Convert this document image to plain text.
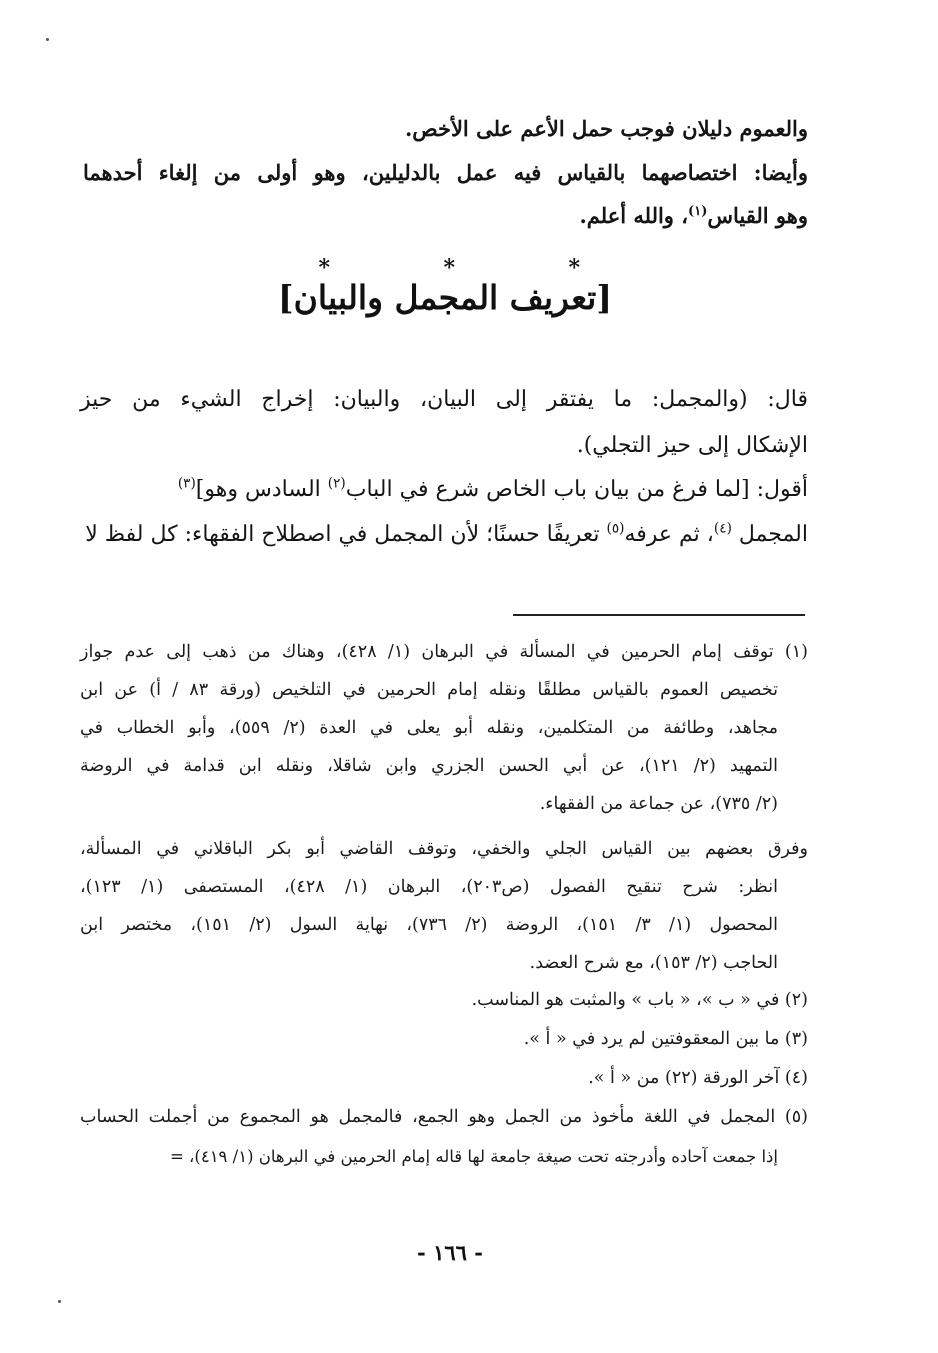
والعموم دليلان فوجب حمل الأعم على الأخص.
وأيضا: اختصاصهما بالقياس فيه عمل بالدليلين، وهو أولى من إلغاء أحدهما
وهو القياس$^{(١)}$، والله أعلم.
*
*
*
[تعريف المجمل والبيان]
قال: (والمجمل: ما يفتقر إلى البيان، والبيان: إخراج الشيء من حيز
الإشكال إلى حيز التجلي).
أقول: [لما فرغ من بيان باب الخاص شرع في الباب$^{(٢)}$ السادس وهو]$^{(٣)}$
المجمل $^{(٤)}$، ثم عرفه$^{(٥)}$ تعريفًا حسنًا؛ لأن المجمل في اصطلاح الفقهاء: كل لفظ لا
(١) توقف إمام الحرمين في المسألة في البرهان (١/ ٤٢٨)، وهناك من ذهب إلى عدم جواز
تخصيص العموم بالقياس مطلقًا ونقله إمام الحرمين في التلخيص (ورقة ٨٣ / أ) عن ابن
مجاهد، وطائفة من المتكلمين، ونقله أبو يعلى في العدة (٢/ ٥٥٩)، وأبو الخطاب في
التمهيد (٢/ ١٢١)، عن أبي الحسن الجزري وابن شاقلا، ونقله ابن قدامة في الروضة
(٢/ ٧٣٥)، عن جماعة من الفقهاء.
وفرق بعضهم بين القياس الجلي والخفي، وتوقف القاضي أبو بكر الباقلاني في المسألة،
انظر: شرح تنقيح الفصول (ص٢٠٣)، البرهان (١/ ٤٢٨)، المستصفى (١/ ١٢٣)،
المحصول (١/ ٣/ ١٥١)، الروضة (٢/ ٧٣٦)، نهاية السول (٢/ ١٥١)، مختصر ابن
الحاجب (٢/ ١٥٣)، مع شرح العضد.
(٢) في « ب »، « باب » والمثبت هو المناسب.
(٣) ما بين المعقوفتين لم يرد في « أ ».
(٤) آخر الورقة (٢٢) من « أ ».
(٥) المجمل في اللغة مأخوذ من الجمل وهو الجمع، فالمجمل هو المجموع من أجملت الحساب
إذا جمعت آحاده وأدرجته تحت صيغة جامعة لها قاله إمام الحرمين في البرهان (١/ ٤١٩)، =
- ١٦٦ -
